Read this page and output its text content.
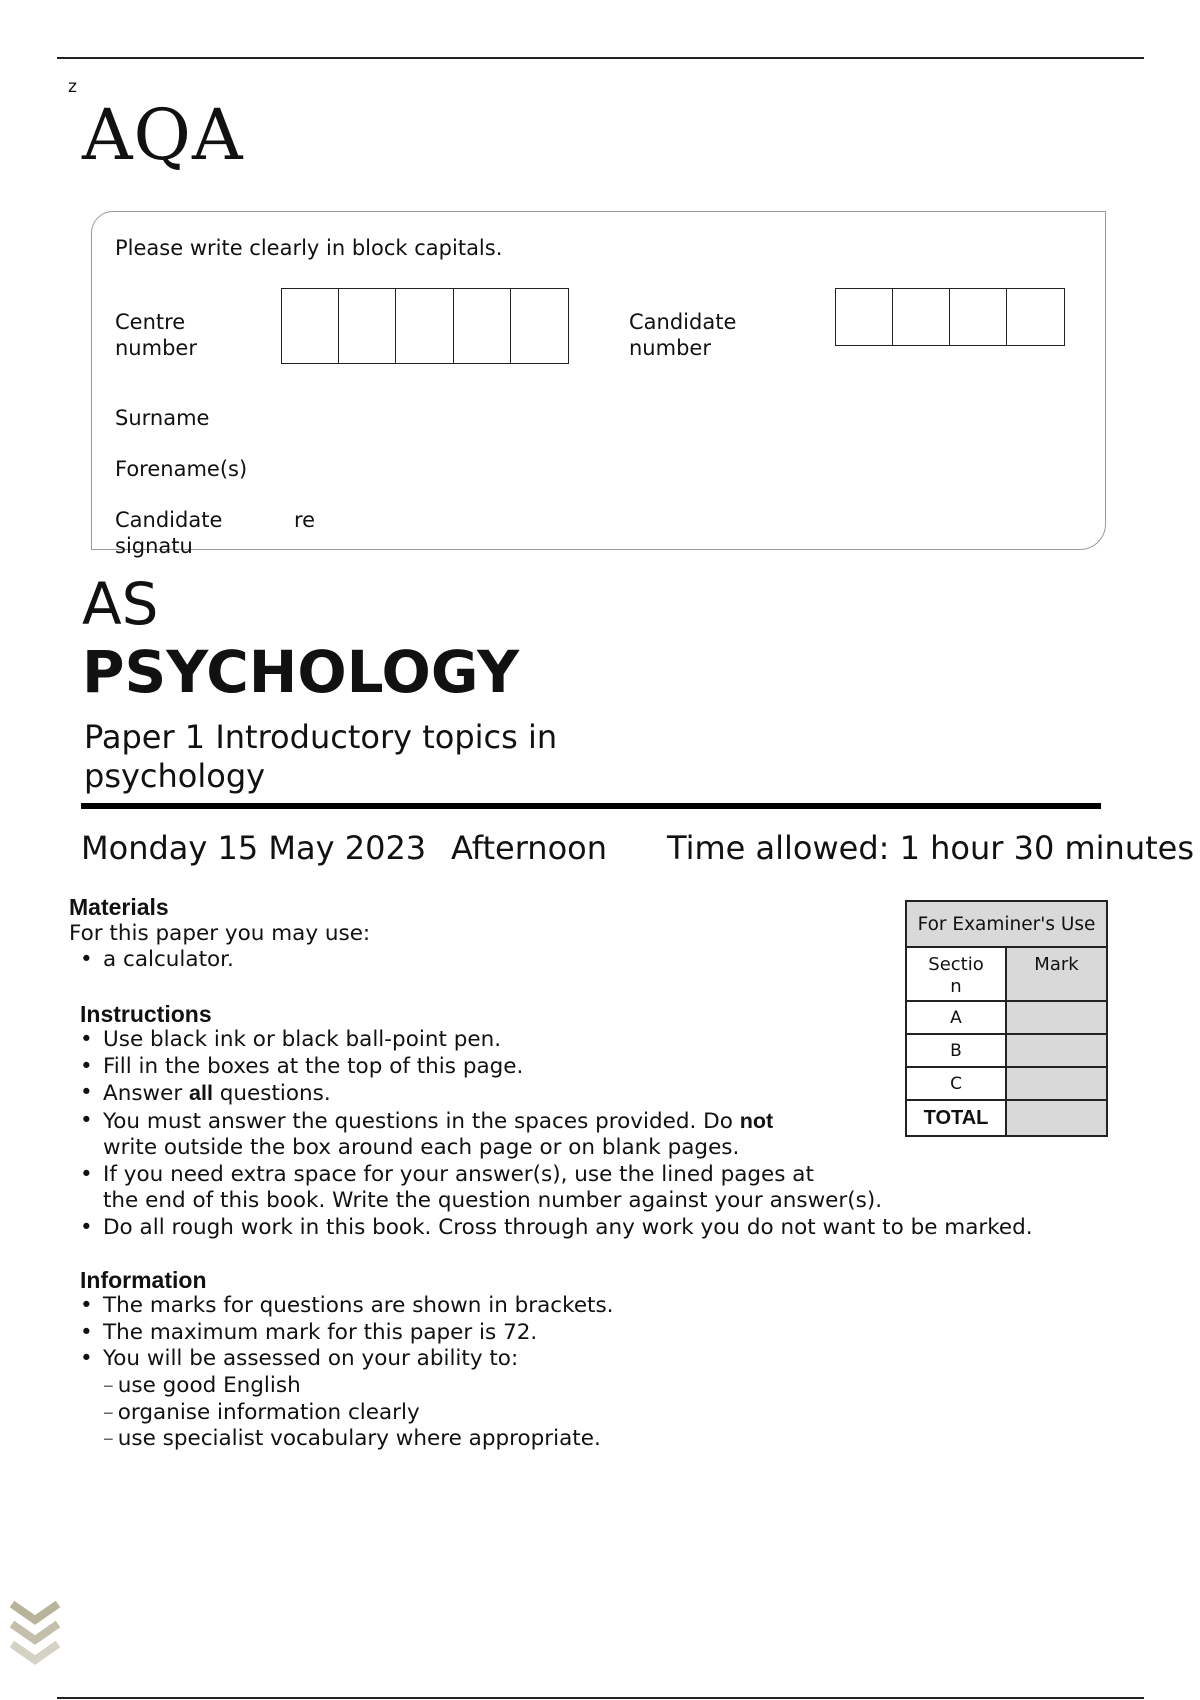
z
AQA
Please write clearly in block capitals.
Centre
number
Candidate
number
Surname
Forename(s)
Candidate	re
signatu
AS
PSYCHOLOGY
Paper 1 Introductory topics in
psychology
Monday 15 May 2023 Afternoon Time allowed: 1 hour 30 minutes
Materials
For this paper you may use:
• a calculator.
Instructions
• Use black ink or black ball-point pen.
• Fill in the boxes at the top of this page.
• Answer all questions.
• You must answer the questions in the spaces provided. Do not
write outside the box around each page or on blank pages.
• If you need extra space for your answer(s), use the lined pages at
the end of this book. Write the question number against your answer(s).
• Do all rough work in this book. Cross through any work you do not want to be marked.
Information
• The marks for questions are shown in brackets.
• The maximum mark for this paper is 72.
• You will be assessed on your ability to:
– use good English
– organise information clearly
– use specialist vocabulary where appropriate.
For Examiner's Use	

Sectio
n	Mark
A	
B	
C	
TOTAL	
